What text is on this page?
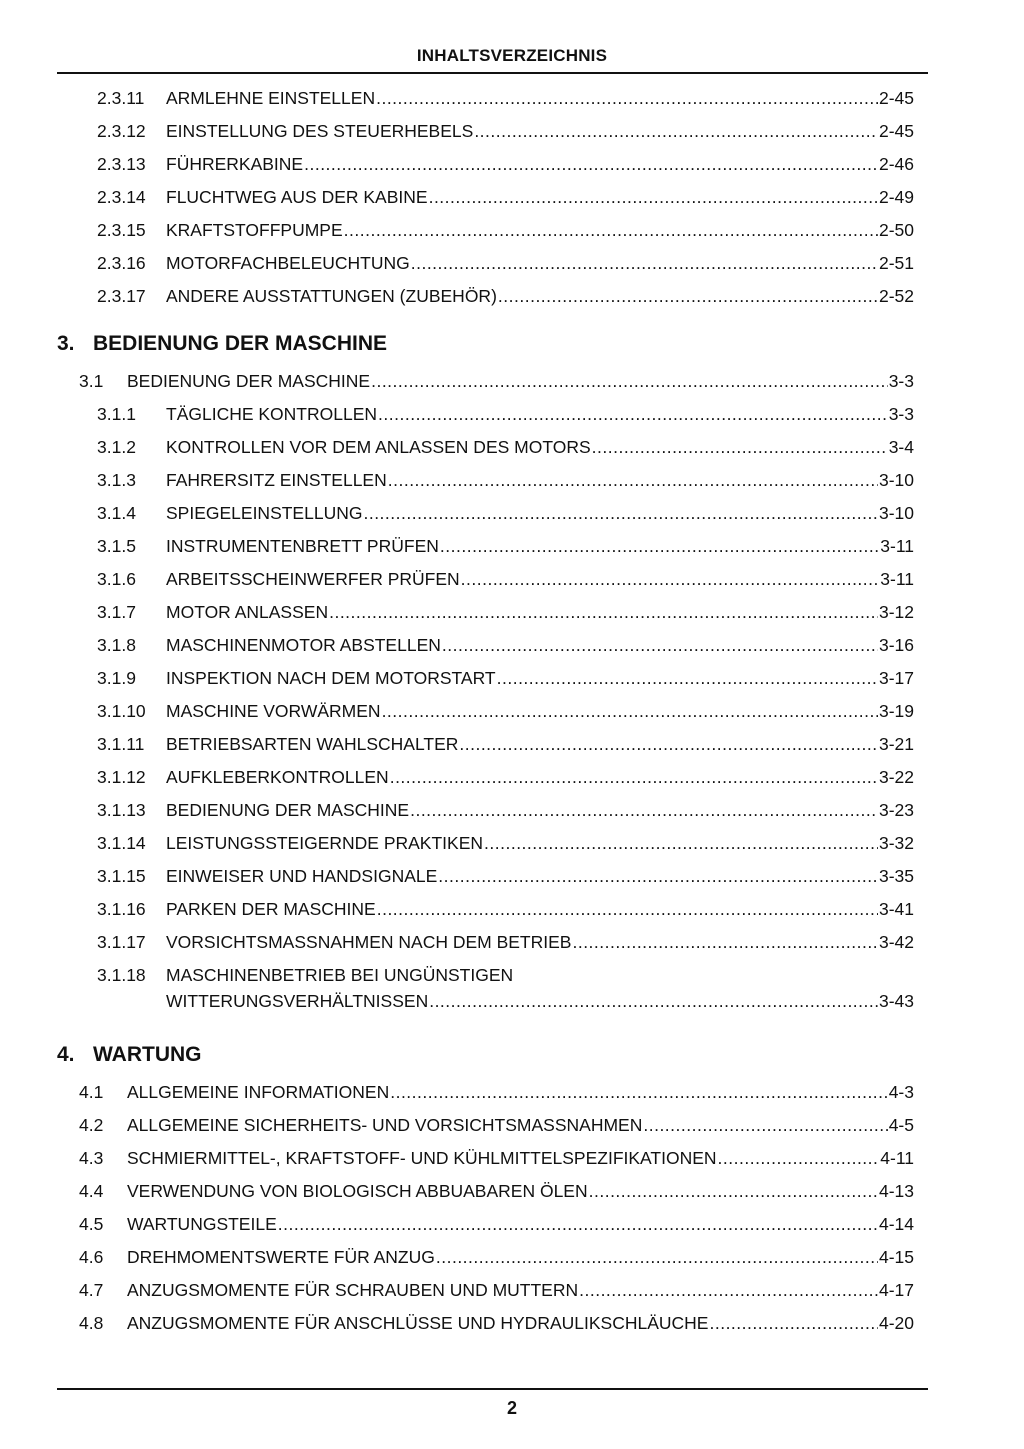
INHALTSVERZEICHNIS
2.3.11 ARMLEHNE EINSTELLEN .....	2-45
2.3.12 EINSTELLUNG DES STEUERHEBELS .....	2-45
2.3.13 FÜHRERKABINE .....	2-46
2.3.14 FLUCHTWEG AUS DER KABINE .....	2-49
2.3.15 KRAFTSTOFFPUMPE .....	2-50
2.3.16 MOTORFACHBELEUCHTUNG .....	2-51
2.3.17 ANDERE AUSSTATTUNGEN (ZUBEHÖR) .....	2-52
3. BEDIENUNG DER MASCHINE
3.1 BEDIENUNG DER MASCHINE .....	3-3
3.1.1 TÄGLICHE KONTROLLEN .....	3-3
3.1.2 KONTROLLEN VOR DEM ANLASSEN DES MOTORS .....	3-4
3.1.3 FAHRERSITZ EINSTELLEN .....	3-10
3.1.4 SPIEGELEINSTELLUNG .....	3-10
3.1.5 INSTRUMENTENBRETT PRÜFEN .....	3-11
3.1.6 ARBEITSSCHEINWERFER PRÜFEN .....	3-11
3.1.7 MOTOR ANLASSEN .....	3-12
3.1.8 MASCHINENMOTOR ABSTELLEN .....	3-16
3.1.9 INSPEKTION NACH DEM MOTORSTART .....	3-17
3.1.10 MASCHINE VORWÄRMEN .....	3-19
3.1.11 BETRIEBSARTEN WAHLSCHALTER .....	3-21
3.1.12 AUFKLEBERKONTROLLEN .....	3-22
3.1.13 BEDIENUNG DER MASCHINE .....	3-23
3.1.14 LEISTUNGSSTEIGERNDE PRAKTIKEN .....	3-32
3.1.15 EINWEISER UND HANDSIGNALE .....	3-35
3.1.16 PARKEN DER MASCHINE .....	3-41
3.1.17 VORSICHTSMASSNAHMEN NACH DEM BETRIEB .....	3-42
3.1.18 MASCHINENBETRIEB BEI UNGÜNSTIGEN
WITTERUNGSVERHÄLTNISSEN .....	3-43
4. WARTUNG
4.1 ALLGEMEINE INFORMATIONEN .....	4-3
4.2 ALLGEMEINE SICHERHEITS- UND VORSICHTSMASSNAHMEN .....	4-5
4.3 SCHMIERMITTEL-, KRAFTSTOFF- UND KÜHLMITTELSPEZIFIKATIONEN .....	4-11
4.4 VERWENDUNG VON BIOLOGISCH ABBUABAREN ÖLEN .....	4-13
4.5 WARTUNGSTEILE .....	4-14
4.6 DREHMOMENTSWERTE FÜR ANZUG .....	4-15
4.7 ANZUGSMOMENTE FÜR SCHRAUBEN UND MUTTERN .....	4-17
4.8 ANZUGSMOMENTE FÜR ANSCHLÜSSE UND HYDRAULIKSCHLÄUCHE .....	4-20
2
